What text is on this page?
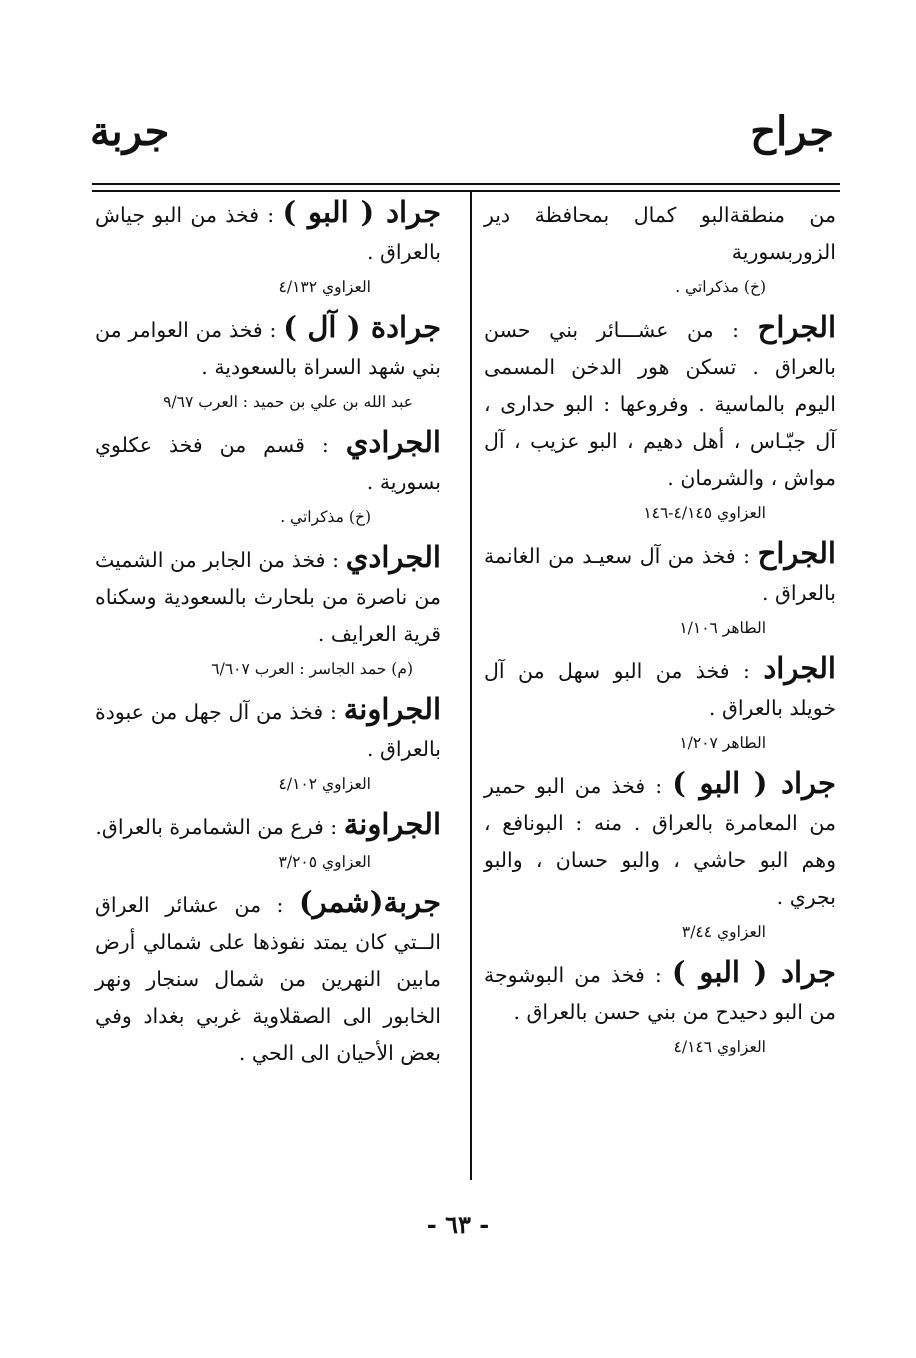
جراح
جربة

من منطقةالبو كمال بمحافظة دير الزوربسورية

(خ) مذكراتي .

الجراح : من عشـــائر بني حسن بالعراق . تسكن هور الدخن المسمى اليوم بالماسية . وفروعها : البو حدارى ، آل جبّـاس ، أهل دهيم ، البو عزيب ، آل مواش ، والشرمان .

العزاوي ٤/١٤٥-١٤٦

الجراح : فخذ من آل سعيـد من الغانمة بالعراق .

الطاهر ١/١٠٦

الجراد : فخذ من البو سهل من آل خويلد بالعراق .

الطاهر ١/٢٠٧

جراد ( البو ) : فخذ من البو حمير من المعامرة بالعراق . منه : البونافع ، وهم البو حاشي ، والبو حسان ، والبو بجري .

العزاوي ٣/٤٤

جراد ( البو ) : فخذ من البوشوجة من البو دحيدح من بني حسن بالعراق .

العزاوي ٤/١٤٦

جراد ( البو ) : فخذ من البو جياش بالعراق .

العزاوي ٤/١٣٢

جرادة ( آل ) : فخذ من العوامر من بني شهد السراة بالسعودية .

عبد الله بن علي بن حميد : العرب ٩/٦٧

الجرادي : قسم من فخذ عكلوي بسورية .

(خ) مذكراتي .

الجرادي : فخذ من الجابر من الشميث من ناصرة من بلحارث بالسعودية وسكناه قرية العرايف .

(م) حمد الجاسر : العرب ٦/٦٠٧

الجراونة : فخذ من آل جهل من عبودة بالعراق .

العزاوي ٤/١٠٢

الجراونة : فرع من الشمامرة بالعراق.

العزاوي ٣/٢٠٥

جربة(شمر) : من عشائر العراق الــتي كان يمتد نفوذها على شمالي أرض مابين النهرين من شمال سنجار ونهر الخابور الى الصقلاوية غربي بغداد وفي بعض الأحيان الى الحي .

- ٦٣ -
